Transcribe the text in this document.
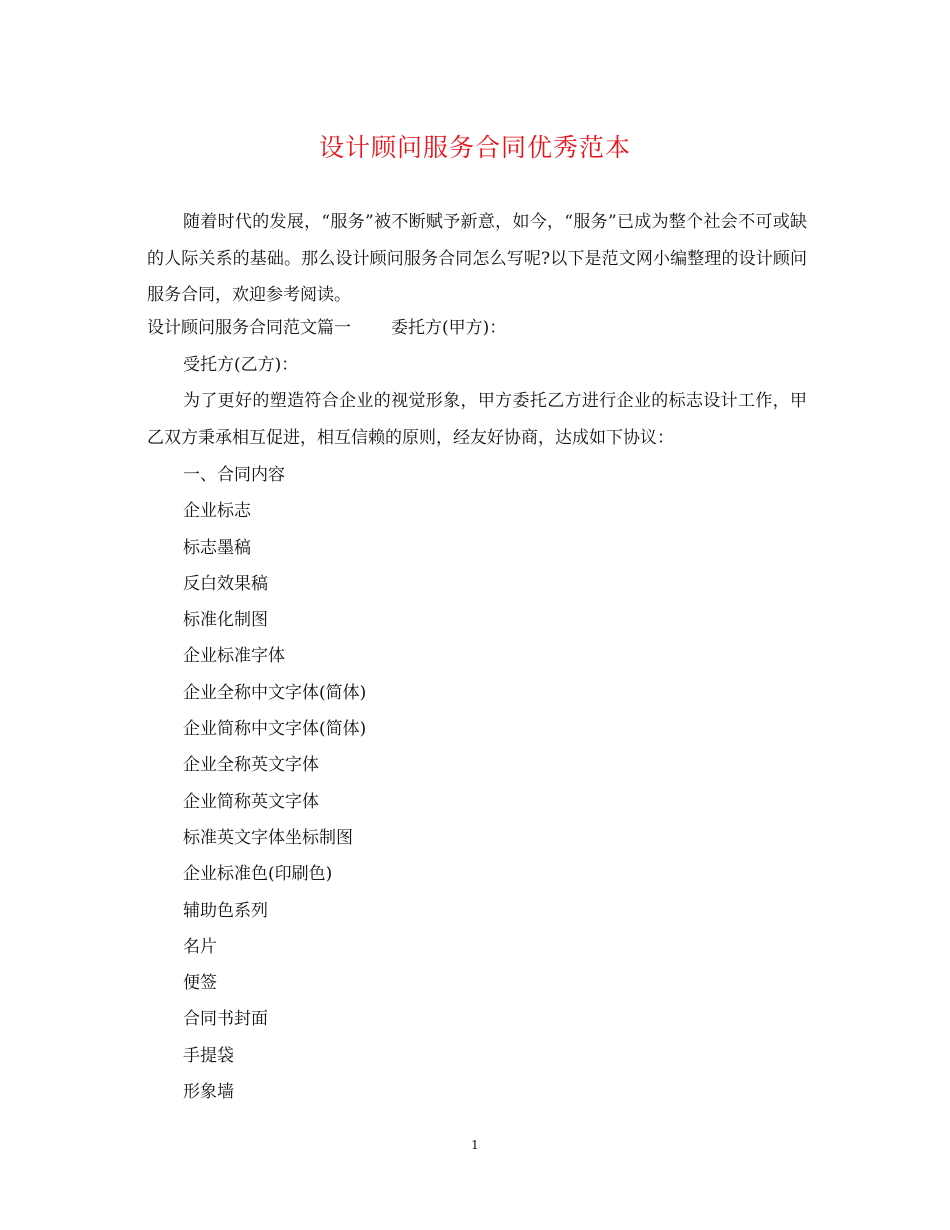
设计顾问服务合同优秀范本

随着时代的发展，“服务”被不断赋予新意，如今，“服务”已成为整个社会不可或缺的人际关系的基础。那么设计顾问服务合同怎么写呢?以下是范文网小编整理的设计顾问服务合同，欢迎参考阅读。

设计顾问服务合同范文篇一 委托方(甲方)：

受托方(乙方)：

为了更好的塑造符合企业的视觉形象，甲方委托乙方进行企业的标志设计工作，甲乙双方秉承相互促进，相互信赖的原则，经友好协商，达成如下协议：

一、合同内容
企业标志
标志墨稿
反白效果稿
标准化制图
企业标准字体
企业全称中文字体(简体)
企业简称中文字体(简体)
企业全称英文字体
企业简称英文字体
标准英文字体坐标制图
企业标准色(印刷色)
辅助色系列
名片
便签
合同书封面
手提袋
形象墙
1
